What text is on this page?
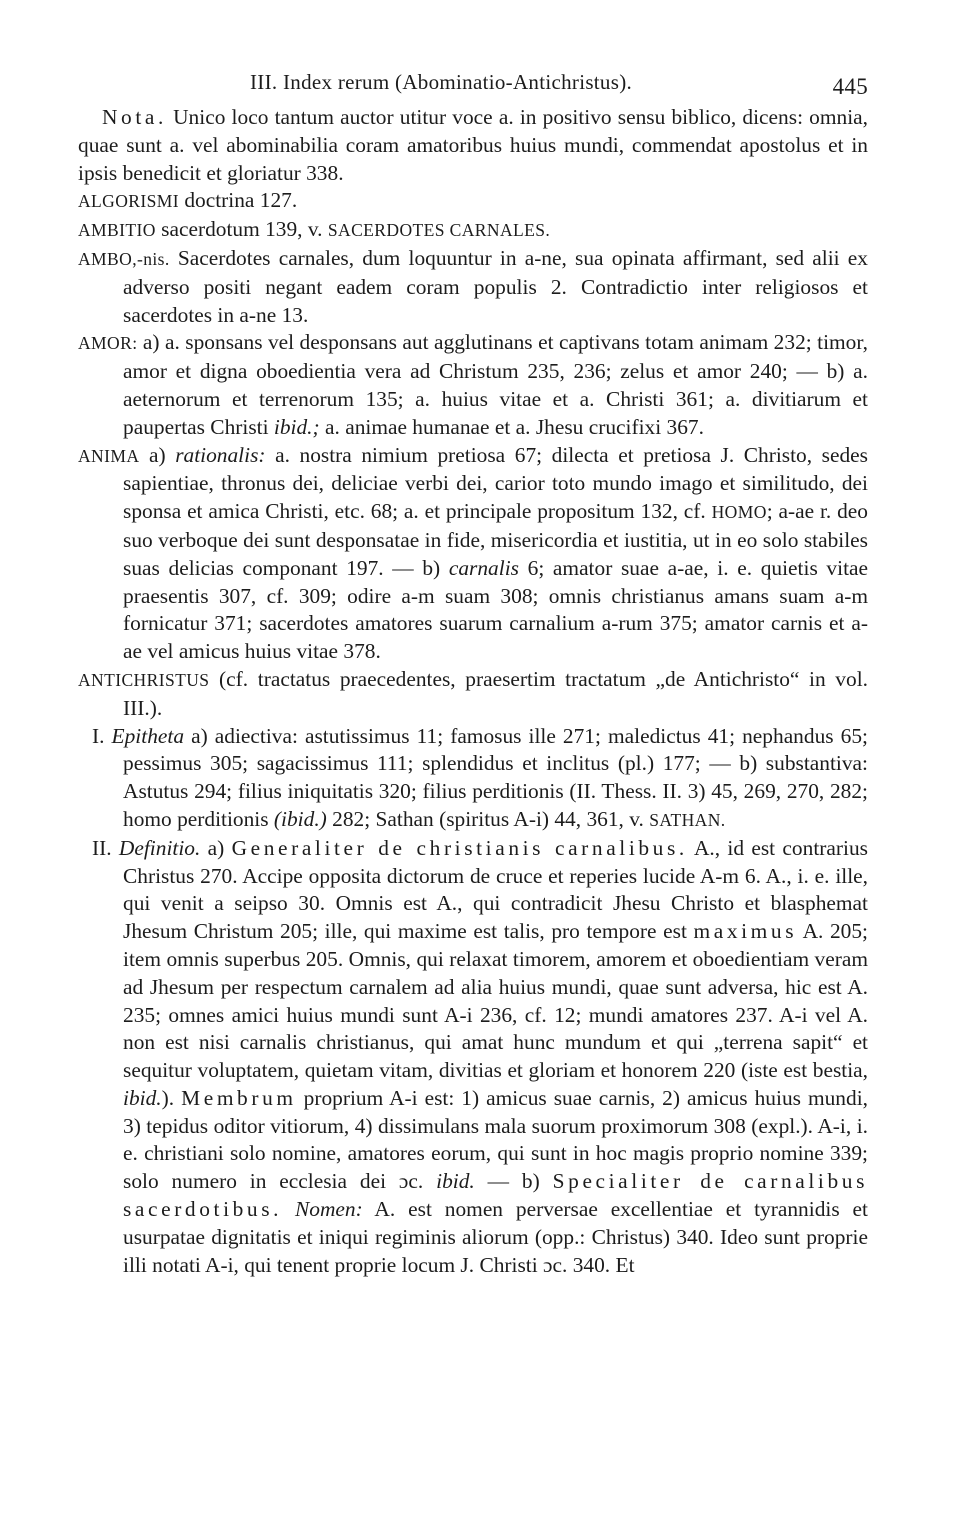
III. Index rerum (Abominatio-Antichristus).	445

Nota. Unico loco tantum auctor utitur voce a. in positivo sensu biblico, dicens: omnia, quae sunt a. vel abominabilia coram amatoribus huius mundi, commendat apostolus et in ipsis benedicit et gloriatur 338.

ALGORISMI doctrina 127.

AMBITIO sacerdotum 139, v. SACERDOTES CARNALES.

AMBO,-nis. Sacerdotes carnales, dum loquuntur in a-ne, sua opinata affirmant, sed alii ex adverso positi negant eadem coram populis 2. Contradictio inter religiosos et sacerdotes in a-ne 13.

AMOR: a) a. sponsans vel desponsans aut agglutinans et captivans totam animam 232; timor, amor et digna oboedientia vera ad Christum 235, 236; zelus et amor 240; — b) a. aeternorum et terrenorum 135; a. huius vitae et a. Christi 361; a. divitiarum et paupertas Christi ibid.; a. animae humanae et a. Jhesu crucifixi 367.

ANIMA a) rationalis: a. nostra nimium pretiosa 67; dilecta et pretiosa J. Christo, sedes sapientiae, thronus dei, deliciae verbi dei, carior toto mundo imago et similitudo, dei sponsa et amica Christi, etc. 68; a. et principale propositum 132, cf. HOMO; a-ae r. deo suo verboque dei sunt desponsatae in fide, misericordia et iustitia, ut in eo solo stabiles suas delicias componant 197. — b) carnalis 6; amator suae a-ae, i. e. quietis vitae praesentis 307, cf. 309; odire a-m suam 308; omnis christianus amans suam a-m fornicatur 371; sacerdotes amatores suarum carnalium a-rum 375; amator carnis et a-ae vel amicus huius vitae 378.

ANTICHRISTUS (cf. tractatus praecedentes, praesertim tractatum „de Antichristo“ in vol. III.).

I. Epitheta a) adiectiva: astutissimus 11; famosus ille 271; maledictus 41; nephandus 65; pessimus 305; sagacissimus 111; splendidus et inclitus (pl.) 177; — b) substantiva: Astutus 294; filius iniquitatis 320; filius perditionis (II. Thess. II. 3) 45, 269, 270, 282; homo perditionis (ibid.) 282; Sathan (spiritus A-i) 44, 361, v. SATHAN.

II. Definitio. a) Generaliter de christianis carnalibus. A., id est contrarius Christus 270. Accipe opposita dictorum de cruce et reperies lucide A-m 6. A., i. e. ille, qui venit a seipso 30. Omnis est A., qui contradicit Jhesu Christo et blasphemat Jhesum Christum 205; ille, qui maxime est talis, pro tempore est maximus A. 205; item omnis superbus 205. Omnis, qui relaxat timorem, amorem et oboedientiam veram ad Jhesum per respectum carnalem ad alia huius mundi, quae sunt adversa, hic est A. 235; omnes amici huius mundi sunt A-i 236, cf. 12; mundi amatores 237. A-i vel A. non est nisi carnalis christianus, qui amat hunc mundum et qui „terrena sapit“ et sequitur voluptatem, quietam vitam, divitias et gloriam et honorem 220 (iste est bestia, ibid.). Membrum proprium A-i est: 1) amicus suae carnis, 2) amicus huius mundi, 3) tepidus oditor vitiorum, 4) dissimulans mala suorum proximorum 308 (expl.). A-i, i. e. christiani solo nomine, amatores eorum, qui sunt in hoc magis proprio nomine 339; solo numero in ecclesia dei ɔc. ibid. — b) Specialiter de carnalibus sacerdotibus. Nomen: A. est nomen perversae excellentiae et tyrannidis et usurpatae dignitatis et iniqui regiminis aliorum (opp.: Christus) 340. Ideo sunt proprie illi notati A-i, qui tenent proprie locum J. Christi ɔc. 340. Et
